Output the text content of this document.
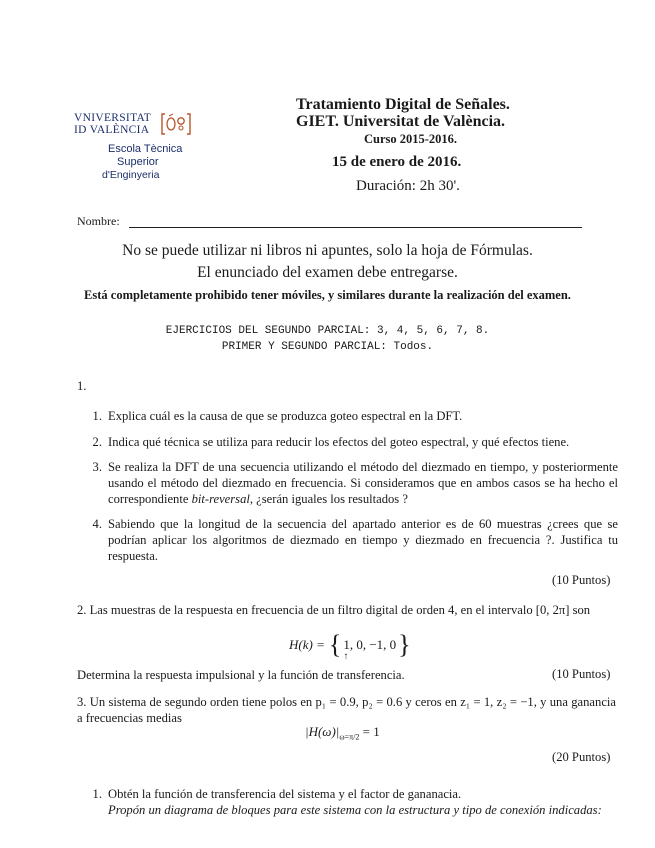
VNIVERSITAT
ID VALÈNCIA
Escola Tècnica
Superior
d'Enginyeria
Tratamiento Digital de Señales.
GIET. Universitat de València.
Curso 2015-2016.
15 de enero de 2016.
Duración: 2h 30'.
Nombre:
No se puede utilizar ni libros ni apuntes, solo la hoja de Fórmulas.
El enunciado del examen debe entregarse.
Está completamente prohibido tener móviles, y similares durante la realización del examen.
EJERCICIOS DEL SEGUNDO PARCIAL: 3, 4, 5, 6, 7, 8.
PRIMER Y SEGUNDO PARCIAL: Todos.
1.
1. Explica cuál es la causa de que se produzca goteo espectral en la DFT.
2. Indica qué técnica se utiliza para reducir los efectos del goteo espectral, y qué efectos tiene.
3. Se realiza la DFT de una secuencia utilizando el método del diezmado en tiempo, y posteriormente usando el método del diezmado en frecuencia. Si consideramos que en ambos casos se ha hecho el correspondiente bit-reversal, ¿serán iguales los resultados ?
4. Sabiendo que la longitud de la secuencia del apartado anterior es de 60 muestras ¿crees que se podrían aplicar los algoritmos de diezmado en tiempo y diezmado en frecuencia ?. Justifica tu respuesta.
(10 Puntos)
2. Las muestras de la respuesta en frecuencia de un filtro digital de orden 4, en el intervalo [0, 2π] son
H(k) = { 1, 0, −1, 0
↑ }
Determina la respuesta impulsional y la función de transferencia.	(10 Puntos)
3. Un sistema de segundo orden tiene polos en p₁ = 0.9, p₂ = 0.6 y ceros en z₁ = 1, z₂ = −1, y una ganancia a frecuencias medias
$|H(\omega)|_{\omega=\pi/2} = 1$
(20 Puntos)
1. Obtén la función de transferencia del sistema y el factor de gananacia.
Propón un diagrama de bloques para este sistema con la estructura y tipo de conexión indicadas:
